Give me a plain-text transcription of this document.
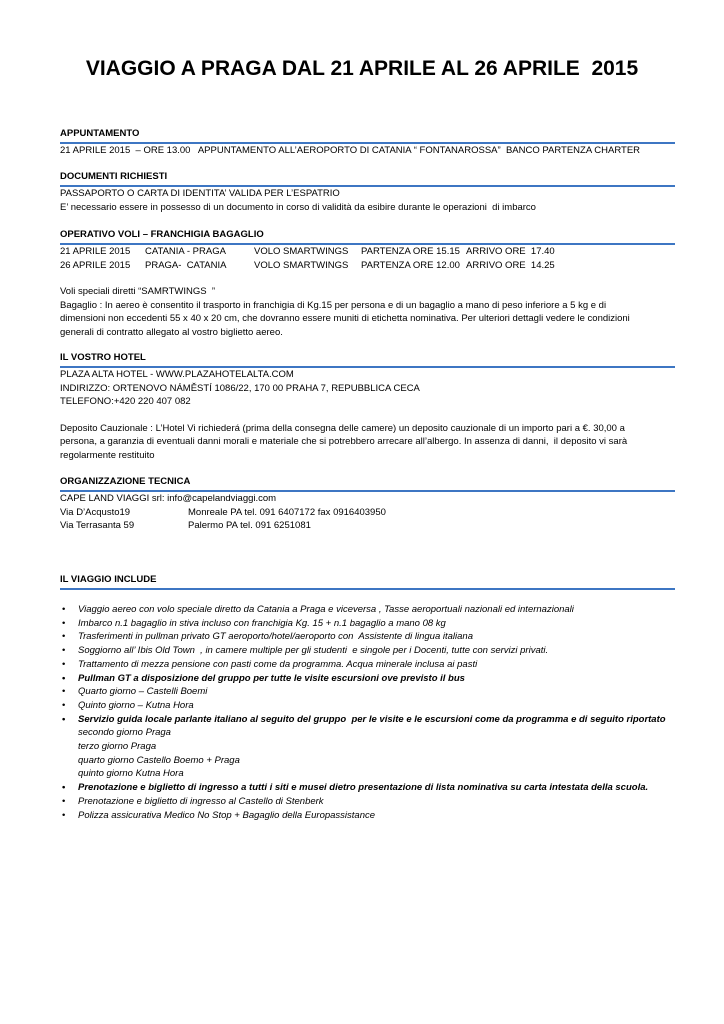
VIAGGIO A PRAGA DAL 21 APRILE AL 26 APRILE  2015
APPUNTAMENTO
21 APRILE 2015  – ORE 13.00   APPUNTAMENTO ALL’AEROPORTO DI CATANIA “ FONTANAROSSA”  BANCO PARTENZA CHARTER
DOCUMENTI RICHIESTI
PASSAPORTO O CARTA DI IDENTITA’ VALIDA PER L’ESPATRIO
E’ necessario essere in possesso di un documento in corso di validità da esibire durante le operazioni  di imbarco
OPERATIVO VOLI – FRANCHIGIA BAGAGLIO
21 APRILE 2015	CATANIA - PRAGA	VOLO SMARTWINGS	PARTENZA ORE 15.15 ARRIVO ORE  17.40
26 APRILE 2015	PRAGA-  CATANIA	VOLO SMARTWINGS	PARTENZA ORE 12.00 ARRIVO ORE  14.25
Voli speciali diretti “SAMRTWINGS  ”
Bagaglio : In aereo è consentito il trasporto in franchigia di Kg.15 per persona e di un bagaglio a mano di peso inferiore a 5 kg e di
dimensioni non eccedenti 55 x 40 x 20 cm, che dovranno essere muniti di etichetta nominativa. Per ulteriori dettagli vedere le condizioni
generali di contratto allegato al vostro biglietto aereo.
IL VOSTRO HOTEL
PLAZA ALTA HOTEL - WWW.PLAZAHOTELALTA.COM
INDIRIZZO: ORTENOVO NÁMĚSTÍ 1086/22, 170 00 PRAHA 7, REPUBBLICA CECA
TELEFONO:+420 220 407 082
Deposito Cauzionale : L’Hotel Vi richiederá (prima della consegna delle camere) un deposito cauzionale di un importo pari a €. 30,00 a
persona, a garanzia di eventuali danni morali e materiale che si potrebbero arrecare all’albergo. In assenza di danni,  il deposito vi sarà
regolarmente restituito
ORGANIZZAZIONE TECNICA
CAPE LAND VIAGGI srl: info@capelandviaggi.com
Via D’Acqusto19	Monreale PA tel. 091 6407172 fax 0916403950
Via Terrasanta 59	Palermo PA tel. 091 6251081
IL VIAGGIO INCLUDE
• Viaggio aereo con volo speciale diretto da Catania a Praga e viceversa , Tasse aeroportuali nazionali ed internazionali
• Imbarco n.1 bagaglio in stiva incluso con franchigia Kg. 15 + n.1 bagaglio a mano 08 kg
• Trasferimenti in pullman privato GT aeroporto/hotel/aeroporto con  Assistente di lingua italiana
• Soggiorno all’ Ibis Old Town  , in camere multiple per gli studenti  e singole per i Docenti, tutte con servizi privati.
• Trattamento di mezza pensione con pasti come da programma. Acqua minerale inclusa ai pasti
• Pullman GT a disposizione del gruppo per tutte le visite escursioni ove previsto il bus
• Quarto giorno – Castelli Boemi
• Quinto giorno – Kutna Hora
• Servizio guida locale parlante italiano al seguito del gruppo  per le visite e le escursioni come da programma e di seguito riportato
secondo giorno Praga
terzo giorno Praga
quarto giorno Castello Boemo + Praga
quinto giorno Kutna Hora
• Prenotazione e biglietto di ingresso a tutti i siti e musei dietro presentazione di lista nominativa su carta intestata della scuola.
• Prenotazione e biglietto di ingresso al Castello di Stenberk
• Polizza assicurativa Medico No Stop + Bagaglio della Europassistance
